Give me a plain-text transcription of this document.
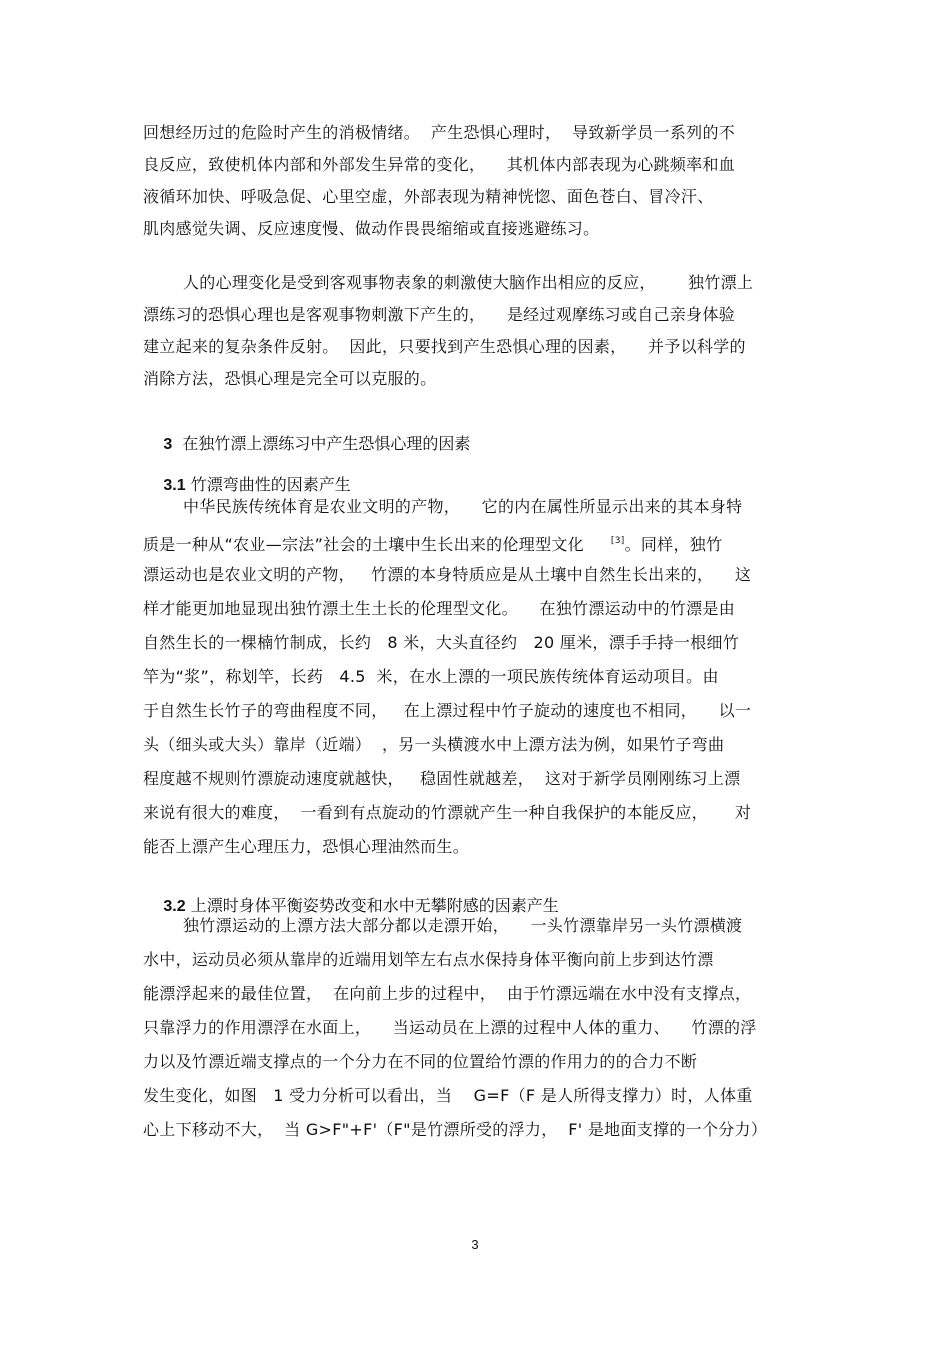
回想经历过的危险时产生的消极情绪。  产生恐惧心理时，  导致新学员一系列的不
良反应，致使机体内部和外部发生异常的变化，    其机体内部表现为心跳频率和血
液循环加快、呼吸急促、心里空虚，外部表现为精神恍惚、面色苍白、冒冷汗、
肌肉感觉失调、反应速度慢、做动作畏畏缩缩或直接逃避练习。
人的心理变化是受到客观事物表象的刺激使大脑作出相应的反应，      独竹漂上
漂练习的恐惧心理也是客观事物刺激下产生的，    是经过观摩练习或自己亲身体验
建立起来的复杂条件反射。  因此，只要找到产生恐惧心理的因素，    并予以科学的
消除方法，恐惧心理是完全可以克服的。

3 在独竹漂上漂练习中产生恐惧心理的因素

3.1 竹漂弯曲性的因素产生

中华民族传统体育是农业文明的产物，    它的内在属性所显示出来的其本身特
质是一种从“农业—宗法”社会的土壤中生长出来的伦理型文化     [3]。同样，独竹
漂运动也是农业文明的产物，   竹漂的本身特质应是从土壤中自然生长出来的，    这
样才能更加地显现出独竹漂土生土长的伦理型文化。    在独竹漂运动中的竹漂是由
自然生长的一棵楠竹制成，长约   8 米，大头直径约   20 厘米，漂手手持一根细竹
竿为“浆”，称划竿，长药   4.5  米，在水上漂的一项民族传统体育运动项目。由
于自然生长竹子的弯曲程度不同，   在上漂过程中竹子旋动的速度也不相同，    以一
头（细头或大头）靠岸（近端）  ，另一头横渡水中上漂方法为例，如果竹子弯曲
程度越不规则竹漂旋动速度就越快，   稳固性就越差，  这对于新学员刚刚练习上漂
来说有很大的难度，  一看到有点旋动的竹漂就产生一种自我保护的本能反应，     对
能否上漂产生心理压力，恐惧心理油然而生。

3.2 上漂时身体平衡姿势改变和水中无攀附感的因素产生

独竹漂运动的上漂方法大部分都以走漂开始，    一头竹漂靠岸另一头竹漂横渡
水中，运动员必须从靠岸的近端用划竿左右点水保持身体平衡向前上步到达竹漂
能漂浮起来的最佳位置，  在向前上步的过程中，  由于竹漂远端在水中没有支撑点，
只靠浮力的作用漂浮在水面上，    当运动员在上漂的过程中人体的重力、    竹漂的浮
力以及竹漂近端支撑点的一个分力在不同的位置给竹漂的作用力的的合力不断
发生变化，如图   1 受力分析可以看出，当    G=F（F 是人所得支撑力）时，人体重
心上下移动不大，  当 G>F"+F'（F"是竹漂所受的浮力，  F' 是地面支撑的一个分力）
3
